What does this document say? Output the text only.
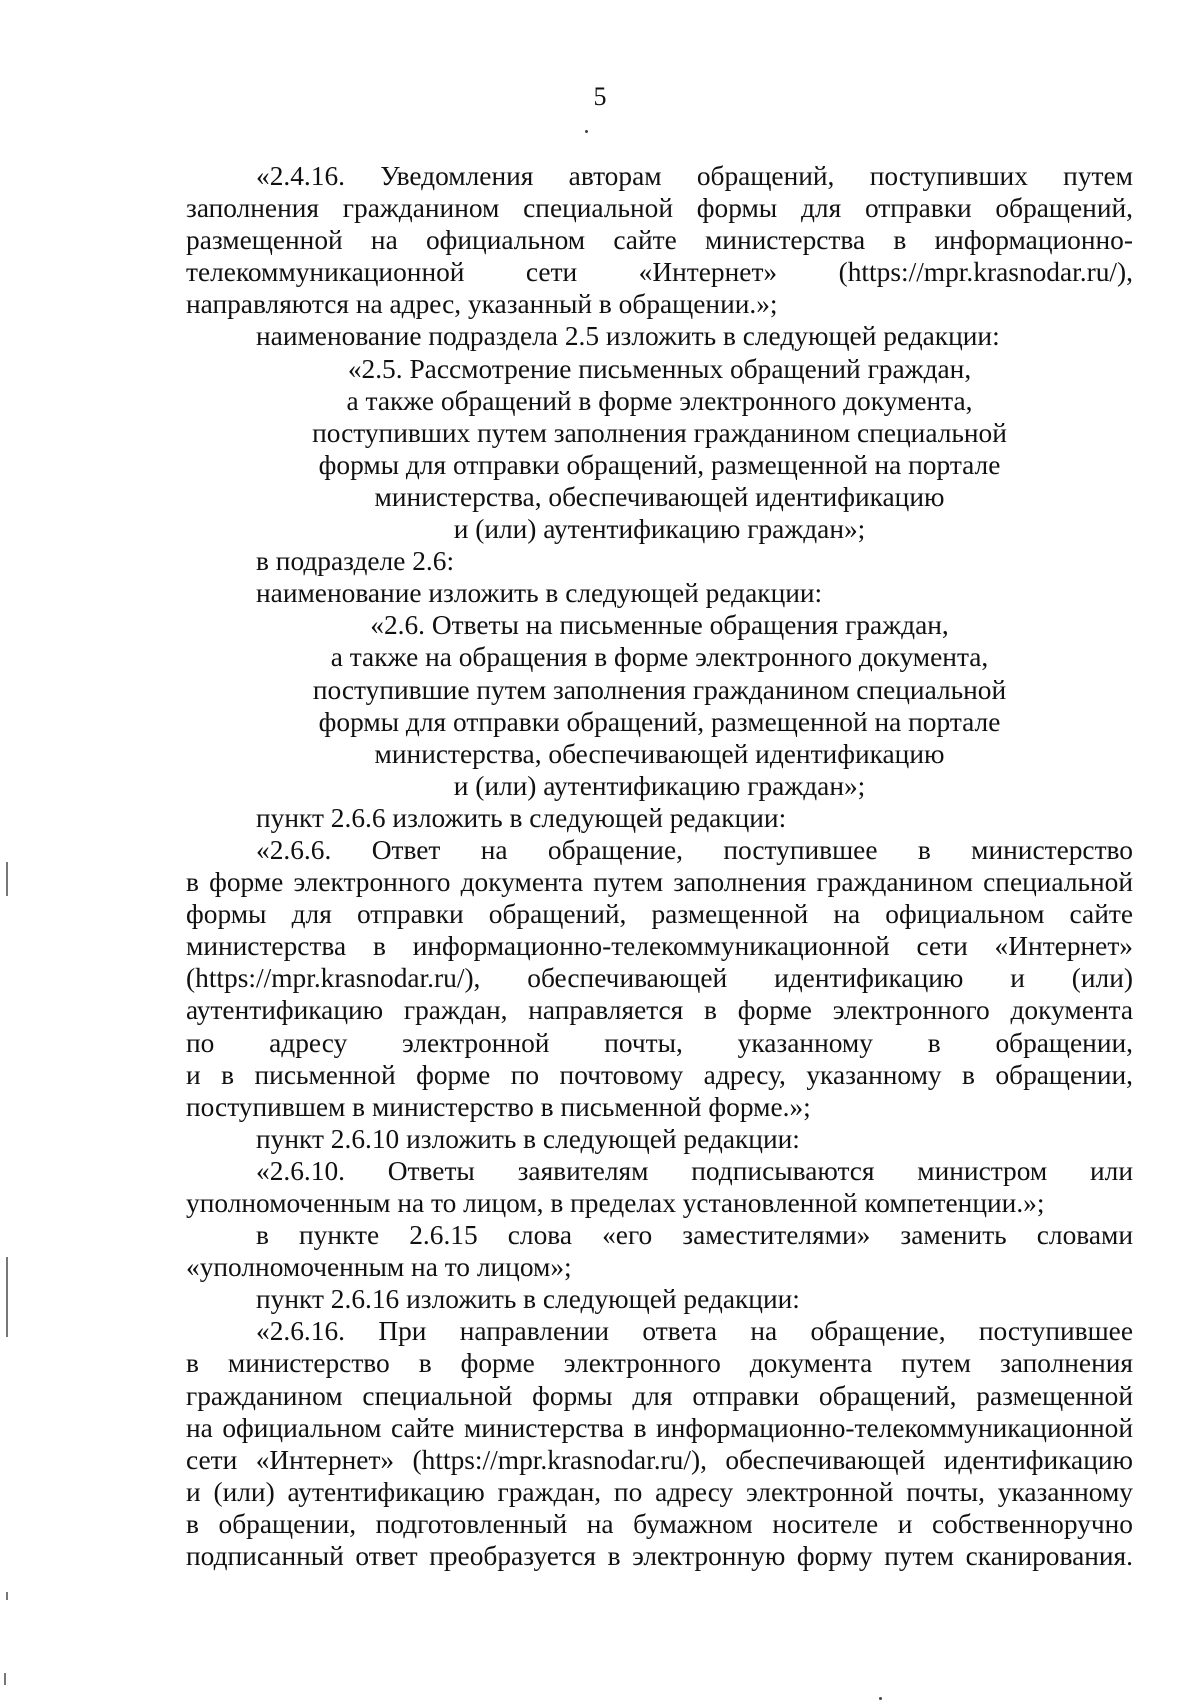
5

«2.4.16. Уведомления авторам обращений, поступивших путем

заполнения гражданином специальной формы для отправки обращений,

размещенной на официальном сайте министерства в информационно-

телекоммуникационной сети «Интернет» (https://mpr.krasnodar.ru/),

направляются на адрес, указанный в обращении.»;

наименование подраздела 2.5 изложить в следующей редакции:

«2.5. Рассмотрение письменных обращений граждан,

а также обращений в форме электронного документа,

поступивших путем заполнения гражданином специальной

формы для отправки обращений, размещенной на портале

министерства, обеспечивающей идентификацию

и (или) аутентификацию граждан»;

в подразделе 2.6:

наименование изложить в следующей редакции:

«2.6. Ответы на письменные обращения граждан,

а также на обращения в форме электронного документа,

поступившие путем заполнения гражданином специальной

формы для отправки обращений, размещенной на портале

министерства, обеспечивающей идентификацию

и (или) аутентификацию граждан»;

пункт 2.6.6 изложить в следующей редакции:

«2.6.6. Ответ на обращение, поступившее в министерство

в форме электронного документа путем заполнения гражданином специальной

формы для отправки обращений, размещенной на официальном сайте

министерства в информационно-телекоммуникационной сети «Интернет»

(https://mpr.krasnodar.ru/), обеспечивающей идентификацию и (или)

аутентификацию граждан, направляется в форме электронного документа

по адресу электронной почты, указанному в обращении,

и в письменной форме по почтовому адресу, указанному в обращении,

поступившем в министерство в письменной форме.»;

пункт 2.6.10 изложить в следующей редакции:

«2.6.10. Ответы заявителям подписываются министром или

уполномоченным на то лицом, в пределах установленной компетенции.»;

в пункте 2.6.15 слова «его заместителями» заменить словами

«уполномоченным на то лицом»;

пункт 2.6.16 изложить в следующей редакции:

«2.6.16. При направлении ответа на обращение, поступившее

в министерство в форме электронного документа путем заполнения

гражданином специальной формы для отправки обращений, размещенной

на официальном сайте министерства в информационно-телекоммуникационной

сети «Интернет» (https://mpr.krasnodar.ru/), обеспечивающей идентификацию

и (или) аутентификацию граждан, по адресу электронной почты, указанному

в обращении, подготовленный на бумажном носителе и собственноручно

подписанный ответ преобразуется в электронную форму путем сканирования.
